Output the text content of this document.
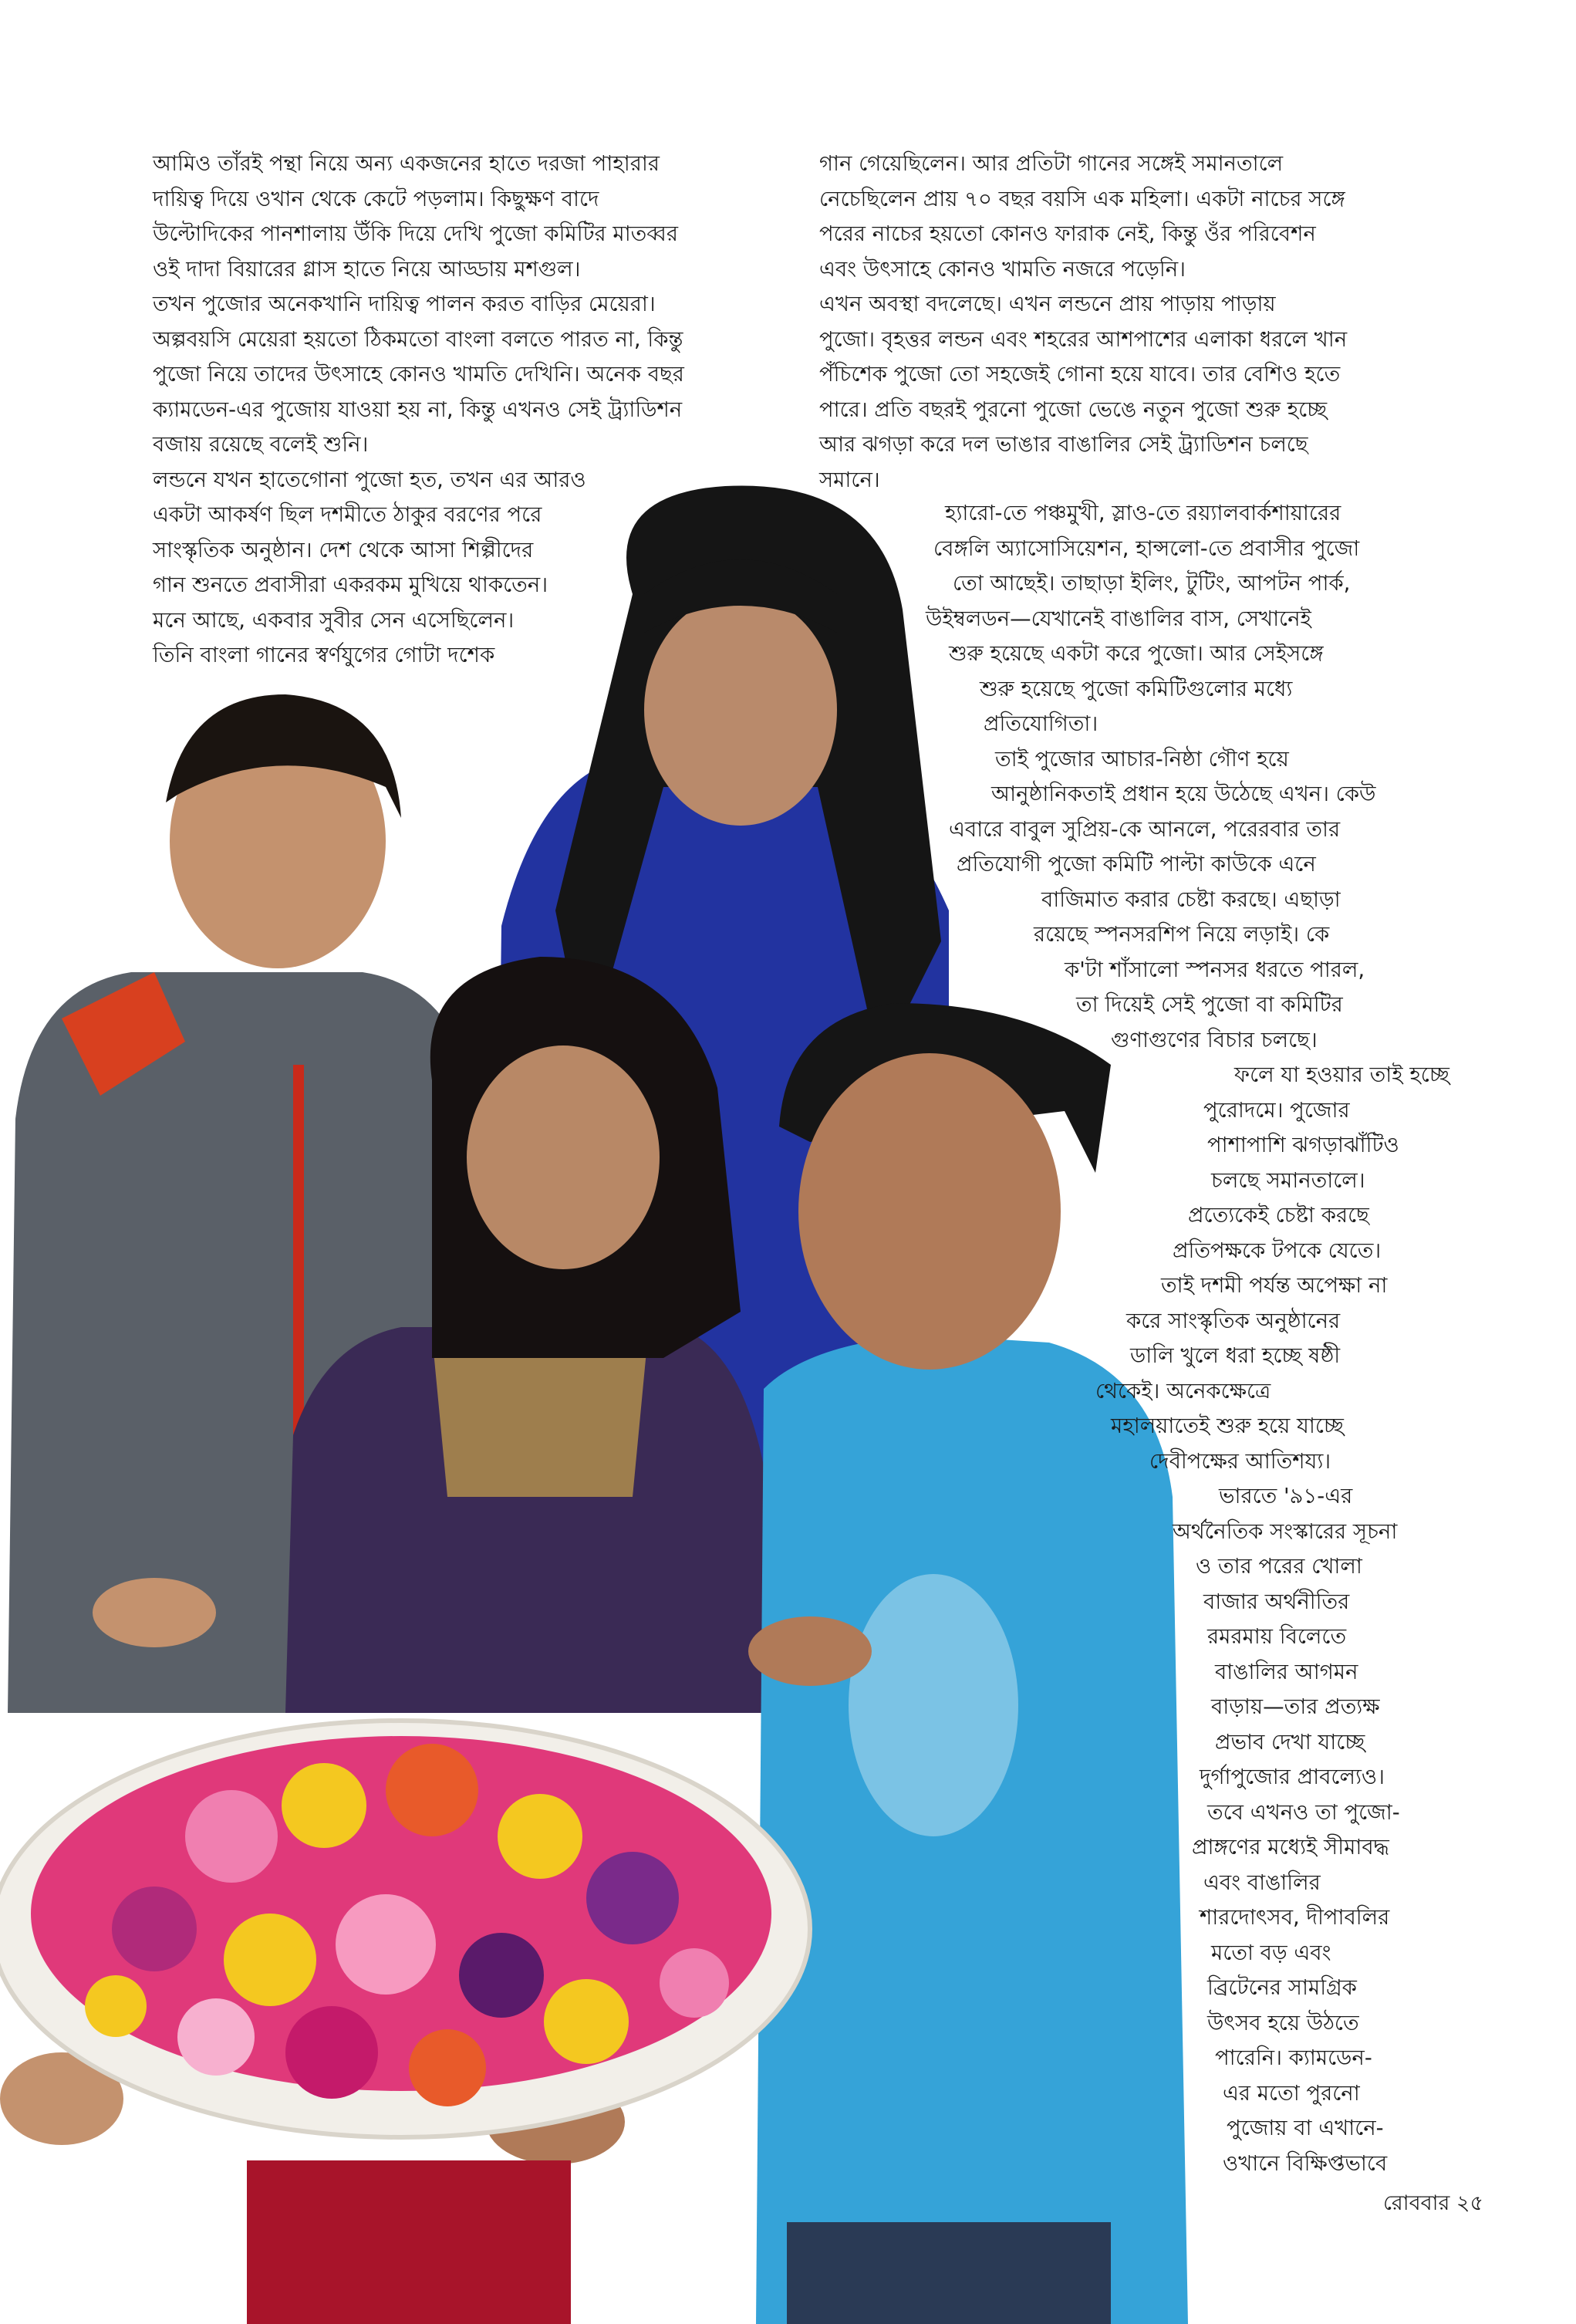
আমিও তাঁরই পন্থা নিয়ে অন্য একজনের হাতে দরজা পাহারার
দায়িত্ব দিয়ে ওখান থেকে কেটে পড়লাম। কিছুক্ষণ বাদে
উল্টোদিকের পানশালায় উঁকি দিয়ে দেখি পুজো কমিটির মাতব্বর
ওই দাদা বিয়ারের গ্লাস হাতে নিয়ে আড্ডায় মশগুল।
তখন পুজোর অনেকখানি দায়িত্ব পালন করত বাড়ির মেয়েরা।
অল্পবয়সি মেয়েরা হয়তো ঠিকমতো বাংলা বলতে পারত না, কিন্তু
পুজো নিয়ে তাদের উৎসাহে কোনও খামতি দেখিনি। অনেক বছর
ক্যামডেন-এর পুজোয় যাওয়া হয় না, কিন্তু এখনও সেই ট্র্যাডিশন
বজায় রয়েছে বলেই শুনি।
লন্ডনে যখন হাতেগোনা পুজো হত, তখন এর আরও
একটা আকর্ষণ ছিল দশমীতে ঠাকুর বরণের পরে
সাংস্কৃতিক অনুষ্ঠান। দেশ থেকে আসা শিল্পীদের
গান শুনতে প্রবাসীরা একরকম মুখিয়ে থাকতেন।
মনে আছে, একবার সুবীর সেন এসেছিলেন।
তিনি বাংলা গানের স্বর্ণযুগের গোটা দশেক
গান গেয়েছিলেন। আর প্রতিটা গানের সঙ্গেই সমানতালে
নেচেছিলেন প্রায় ৭০ বছর বয়সি এক মহিলা। একটা নাচের সঙ্গে
পরের নাচের হয়তো কোনও ফারাক নেই, কিন্তু ওঁর পরিবেশন
এবং উৎসাহে কোনও খামতি নজরে পড়েনি।
এখন অবস্থা বদলেছে। এখন লন্ডনে প্রায় পাড়ায় পাড়ায়
পুজো। বৃহত্তর লন্ডন এবং শহরের আশপাশের এলাকা ধরলে খান
পঁচিশেক পুজো তো সহজেই গোনা হয়ে যাবে। তার বেশিও হতে
পারে। প্রতি বছরই পুরনো পুজো ভেঙে নতুন পুজো শুরু হচ্ছে
আর ঝগড়া করে দল ভাঙার বাঙালির সেই ট্র্যাডিশন চলছে
সমানে।
হ্যারো-তে পঞ্চমুখী, স্লাও-তে রয়্যালবার্কশায়ারের
বেঙ্গলি অ্যাসোসিয়েশন, হান্সলো-তে প্রবাসীর পুজো
তো আছেই। তাছাড়া ইলিং, টুটিং, আপটন পার্ক,
উইম্বলডন—যেখানেই বাঙালির বাস, সেখানেই
শুরু হয়েছে একটা করে পুজো। আর সেইসঙ্গে
শুরু হয়েছে পুজো কমিটিগুলোর মধ্যে
প্রতিযোগিতা।
তাই পুজোর আচার-নিষ্ঠা গৌণ হয়ে
আনুষ্ঠানিকতাই প্রধান হয়ে উঠেছে এখন। কেউ
এবারে বাবুল সুপ্রিয়-কে আনলে, পরেরবার তার
প্রতিযোগী পুজো কমিটি পাল্টা কাউকে এনে
বাজিমাত করার চেষ্টা করছে। এছাড়া
রয়েছে স্পনসরশিপ নিয়ে লড়াই। কে
ক'টা শাঁসালো স্পনসর ধরতে পারল,
তা দিয়েই সেই পুজো বা কমিটির
গুণাগুণের বিচার চলছে।
ফলে যা হওয়ার তাই হচ্ছে
পুরোদমে। পুজোর
পাশাপাশি ঝগড়াঝাঁটিও
চলছে সমানতালে।
প্রত্যেকেই চেষ্টা করছে
প্রতিপক্ষকে টপকে যেতে।
তাই দশমী পর্যন্ত অপেক্ষা না
করে সাংস্কৃতিক অনুষ্ঠানের
ডালি খুলে ধরা হচ্ছে ষষ্ঠী
থেকেই। অনেকক্ষেত্রে
মহালয়াতেই শুরু হয়ে যাচ্ছে
দেবীপক্ষের আতিশয্য।
ভারতে '৯১-এর
অর্থনৈতিক সংস্কারের সূচনা
ও তার পরের খোলা
বাজার অর্থনীতির
রমরমায় বিলেতে
বাঙালির আগমন
বাড়ায়—তার প্রত্যক্ষ
প্রভাব দেখা যাচ্ছে
দুর্গাপুজোর প্রাবল্যেও।
তবে এখনও তা পুজো-
প্রাঙ্গণের মধ্যেই সীমাবদ্ধ
এবং বাঙালির
শারদোৎসব, দীপাবলির
মতো বড় এবং
ব্রিটেনের সামগ্রিক
উৎসব হয়ে উঠতে
পারেনি। ক্যামডেন-
এর মতো পুরনো
পুজোয় বা এখানে-
ওখানে বিক্ষিপ্তভাবে
রোববার ২৫
